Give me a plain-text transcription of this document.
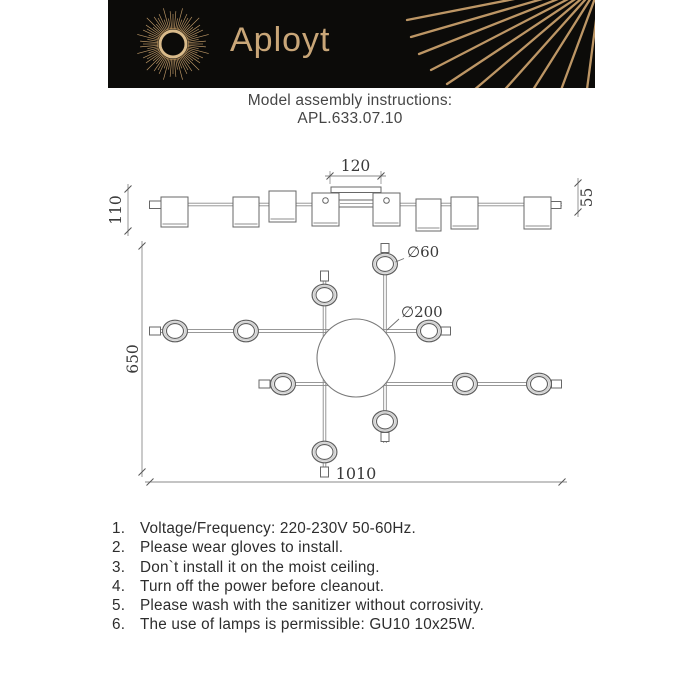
Aployt
Model assembly instructions:
APL.633.07.10
120
110	55
650
1010
∅60
∅200
1. Voltage/Frequency: 220-230V 50-60Hz.
2. Please wear gloves to install.
3. Don`t install it on the moist ceiling.
4. Turn off the power before cleanout.
5. Please wash with the sanitizer without corrosivity.
6. The use of lamps is permissible: GU10 10x25W.
